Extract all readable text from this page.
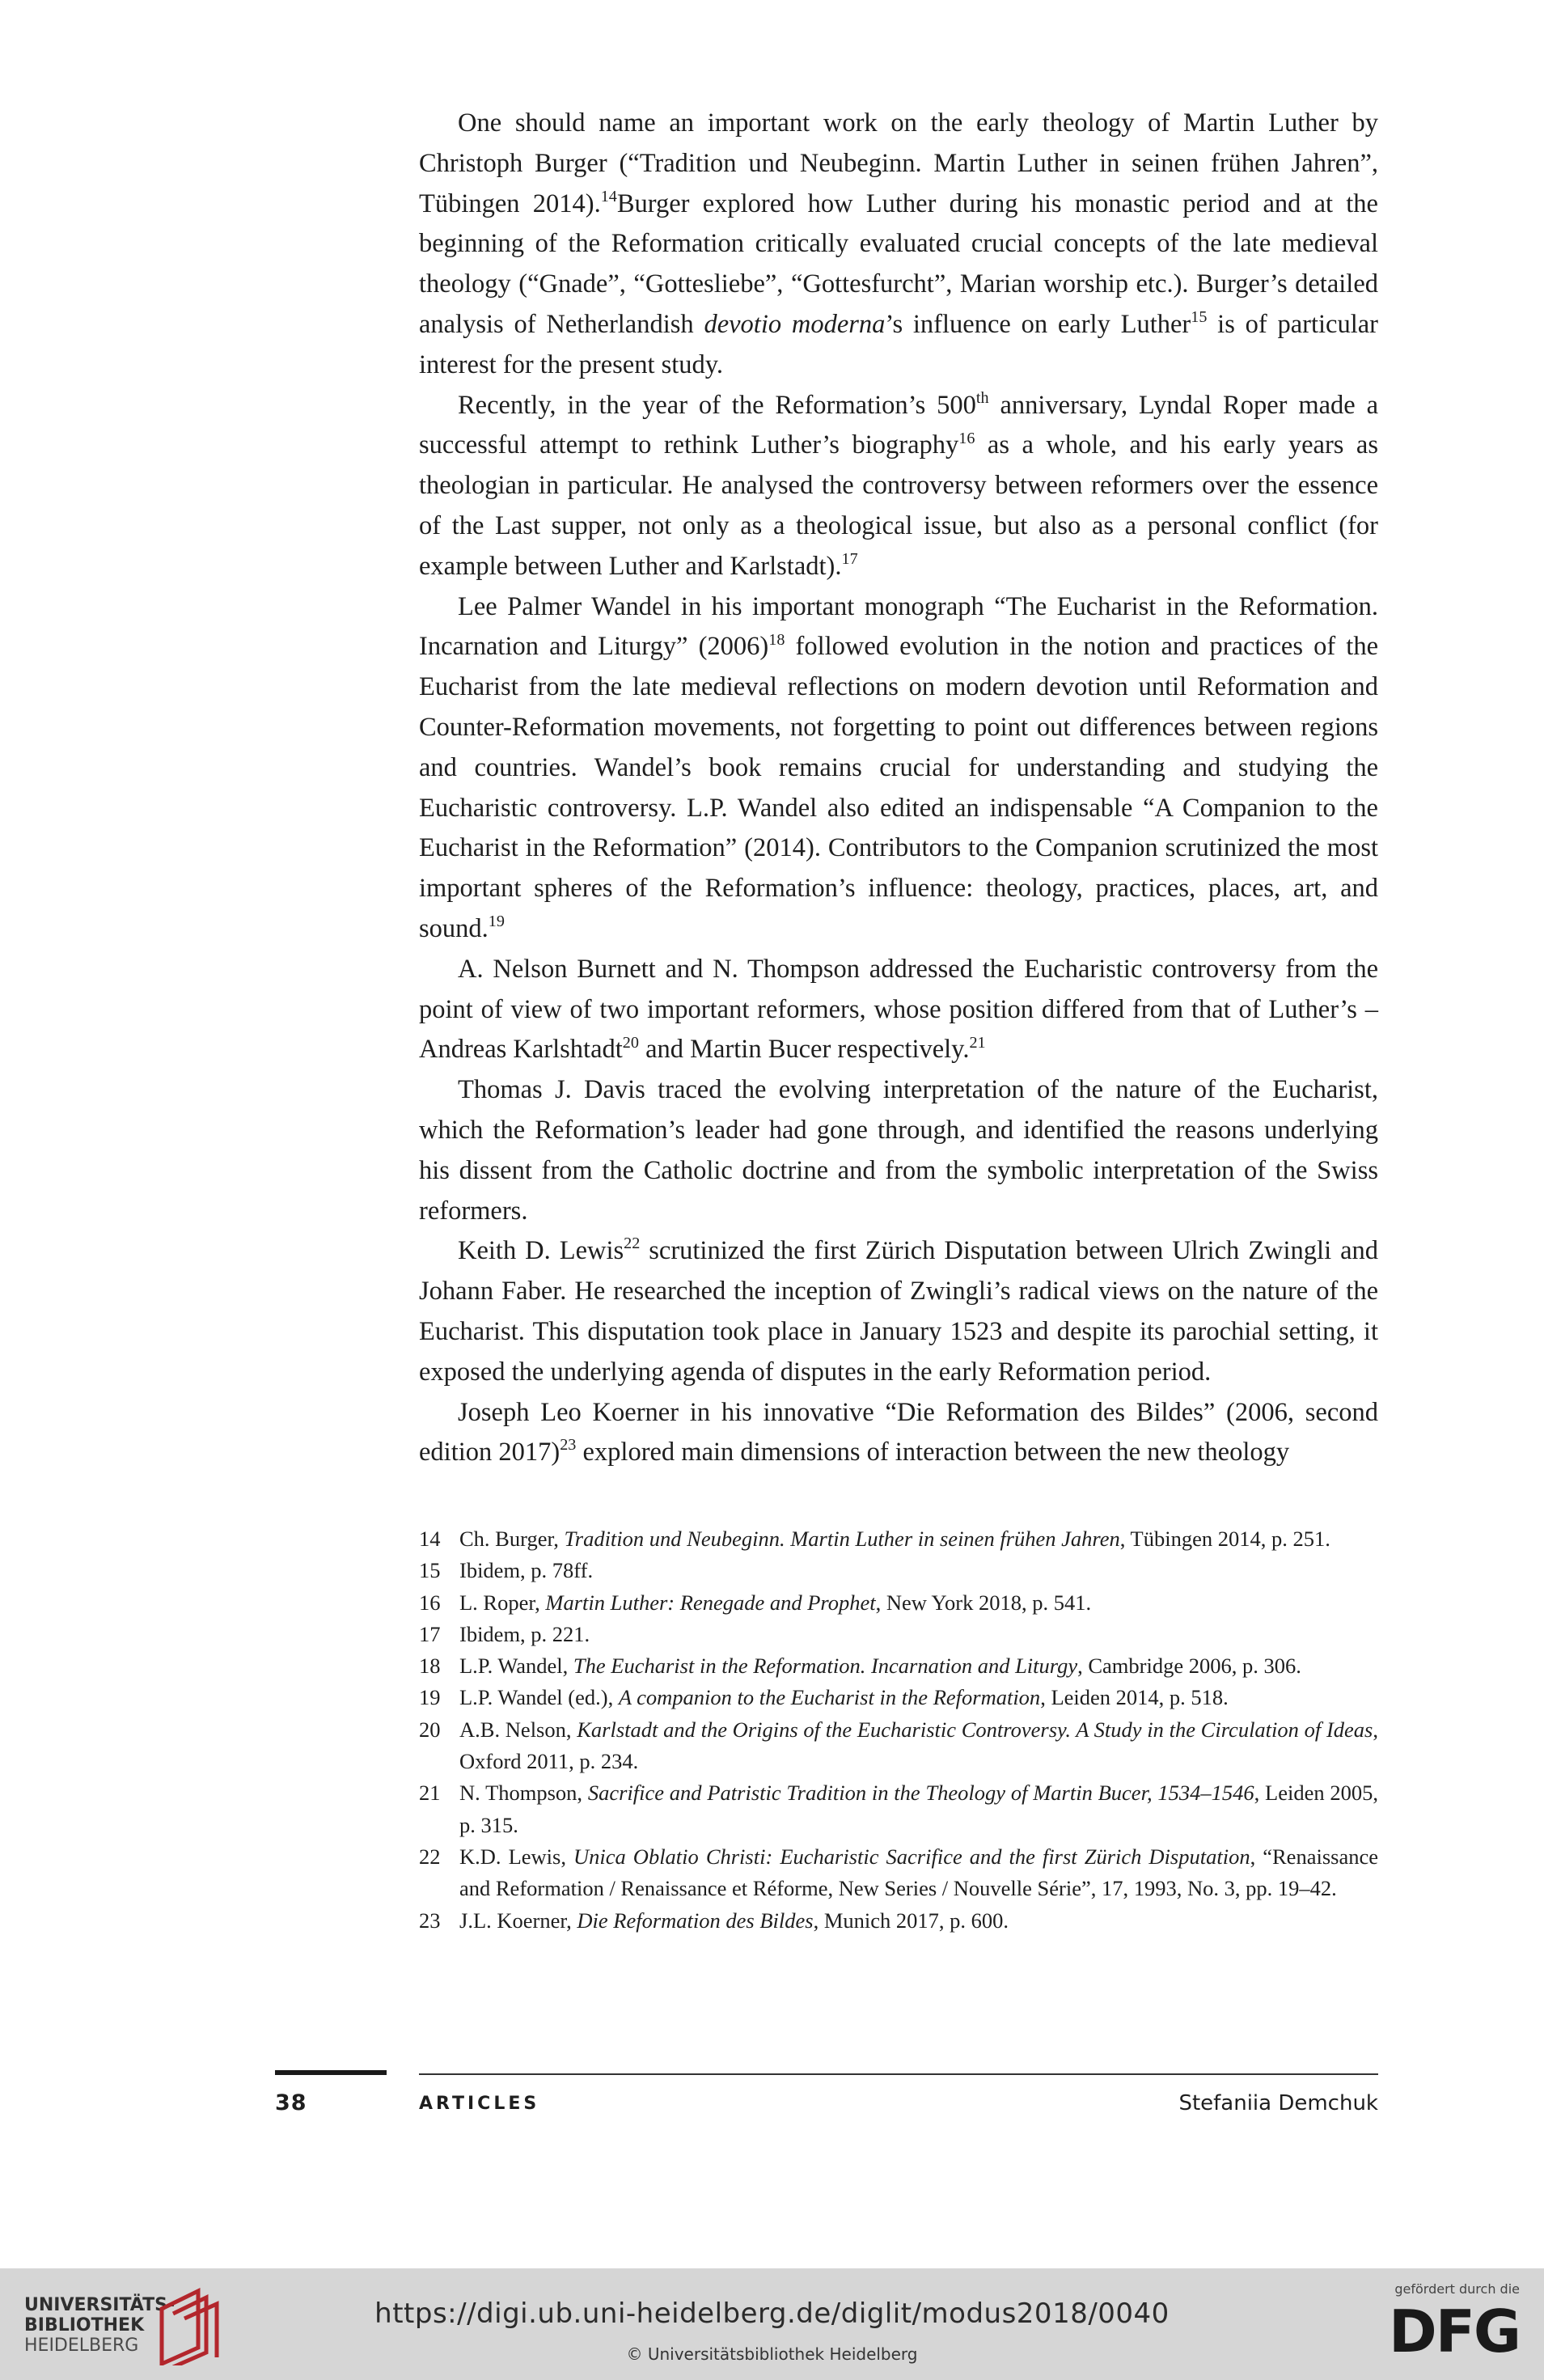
One should name an important work on the early theology of Martin Luther by Christoph Burger (“Tradition und Neubeginn. Martin Luther in seinen frühen Jahren”, Tübingen 2014).$^{14}$Burger explored how Luther during his monastic period and at the beginning of the Reformation critically evaluated crucial concepts of the late medieval theology (“Gnade”, “Gottesliebe”, “Gottesfurcht”, Marian worship etc.). Burger’s detailed analysis of Netherlandish devotio moderna’s influence on early Luther$^{15}$ is of particular interest for the present study.

Recently, in the year of the Reformation’s 500th anniversary, Lyndal Roper made a successful attempt to rethink Luther’s biography$^{16}$ as a whole, and his early years as theologian in particular. He analysed the controversy between reformers over the essence of the Last supper, not only as a theological issue, but also as a personal conflict (for example between Luther and Karlstadt).$^{17}$

Lee Palmer Wandel in his important monograph “The Eucharist in the Reformation. Incarnation and Liturgy” $(2006)^{18}$ followed evolution in the notion and practices of the Eucharist from the late medieval reflections on modern devotion until Reformation and Counter-Reformation movements, not forgetting to point out differences between regions and countries. Wandel’s book remains crucial for understanding and studying the Eucharistic controversy. L.P. Wandel also edited an indispensable “A Companion to the Eucharist in the Reformation” (2014). Contributors to the Companion scrutinized the most important spheres of the Reformation’s influence: theology, practices, places, art, and sound.$^{19}$

A. Nelson Burnett and N. Thompson addressed the Eucharistic controversy from the point of view of two important reformers, whose position differed from that of Luther’s – Andreas Karlshtadt$^{20}$ and Martin Bucer respectively.$^{21}$

Thomas J. Davis traced the evolving interpretation of the nature of the Eucharist, which the Reformation’s leader had gone through, and identified the reasons underlying his dissent from the Catholic doctrine and from the symbolic interpretation of the Swiss reformers.

Keith D. Lewis$^{22}$ scrutinized the first Zürich Disputation between Ulrich Zwingli and Johann Faber. He researched the inception of Zwingli’s radical views on the nature of the Eucharist. This disputation took place in January 1523 and despite its parochial setting, it exposed the underlying agenda of disputes in the early Reformation period.

Joseph Leo Koerner in his innovative “Die Reformation des Bildes” (2006, second edition 2017)$^{23}$ explored main dimensions of interaction between the new theology

14 Ch. Burger, Tradition und Neubeginn. Martin Luther in seinen frühen Jahren, Tübingen 2014, p. 251.
15 Ibidem, p. 78ff.
16 L. Roper, Martin Luther: Renegade and Prophet, New York 2018, p. 541.
17 Ibidem, p. 221.
18 L.P. Wandel, The Eucharist in the Reformation. Incarnation and Liturgy, Cambridge 2006, p. 306.
19 L.P. Wandel (ed.), A companion to the Eucharist in the Reformation, Leiden 2014, p. 518.
20 A.B. Nelson, Karlstadt and the Origins of the Eucharistic Controversy. A Study in the Circulation of Ideas, Oxford 2011, p. 234.
21 N. Thompson, Sacrifice and Patristic Tradition in the Theology of Martin Bucer, 1534–1546, Leiden 2005, p. 315.
22 K.D. Lewis, Unica Oblatio Christi: Eucharistic Sacrifice and the first Zürich Disputation, “Renaissance and Reformation / Renaissance et Réforme, New Series / Nouvelle Série”, 17, 1993, No. 3, pp. 19–42.
23 J.L. Koerner, Die Reformation des Bildes, Munich 2017, p. 600.
38	ARTICLES	Stefaniia Demchuk
UNIVERSITÄTS-
BIBLIOTHEK
HEIDELBERG
https://digi.ub.uni-heidelberg.de/diglit/modus2018/0040
© Universitätsbibliothek Heidelberg
gefördert durch die
DFG
